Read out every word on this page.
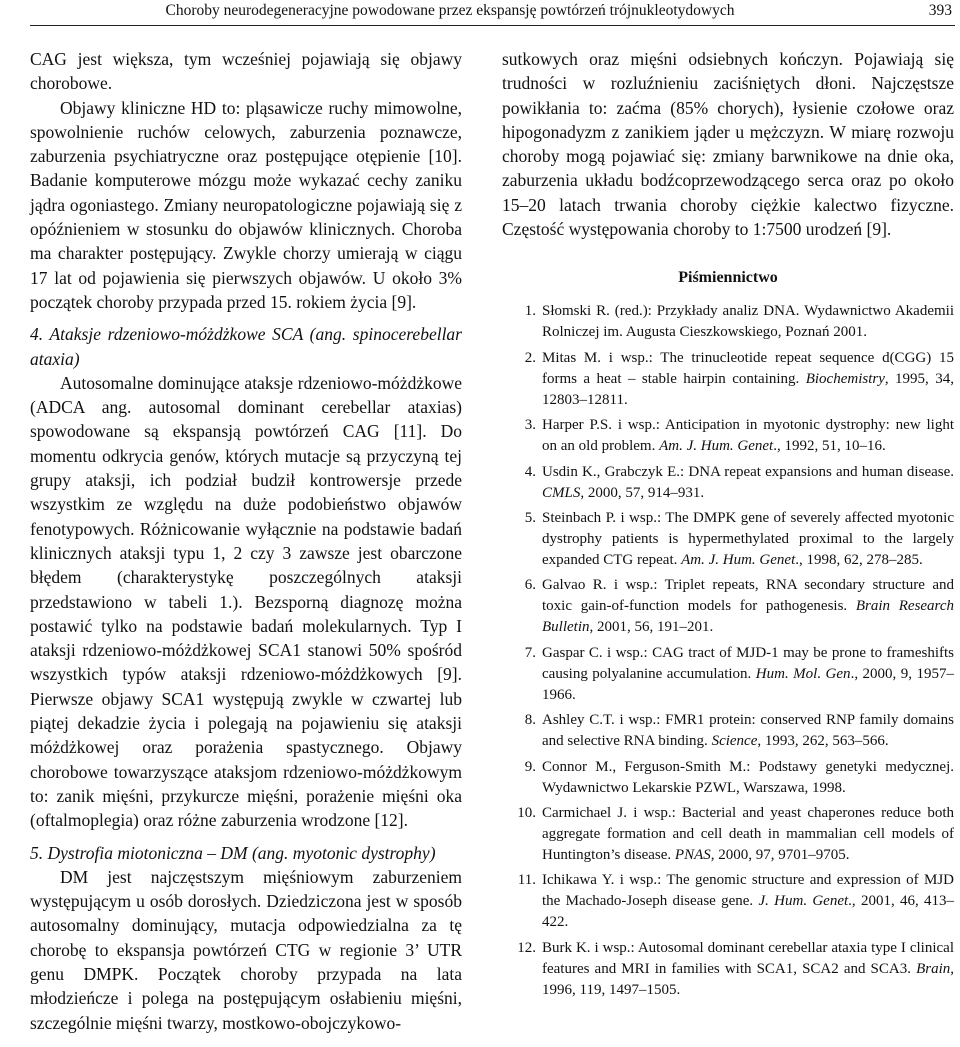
Choroby neurodegeneracyjne powodowane przez ekspansję powtórzeń trójnukleotydowych	393

CAG jest większa, tym wcześniej pojawiają się objawy chorobowe.

Objawy kliniczne HD to: pląsawicze ruchy mimowolne, spowolnienie ruchów celowych, zaburzenia poznawcze, zaburzenia psychiatryczne oraz postępujące otępienie [10]. Badanie komputerowe mózgu może wykazać cechy zaniku jądra ogoniastego. Zmiany neuropatologiczne pojawiają się z opóźnieniem w stosunku do objawów klinicznych. Choroba ma charakter postępujący. Zwykle chorzy umierają w ciągu 17 lat od pojawienia się pierwszych objawów. U około 3% początek choroby przypada przed 15. rokiem życia [9].

4. Ataksje rdzeniowo-móżdżkowe SCA (ang. spinocerebellar ataxia)

Autosomalne dominujące ataksje rdzeniowo-móżdżkowe (ADCA ang. autosomal dominant cerebellar ataxias) spowodowane są ekspansją powtórzeń CAG [11]. Do momentu odkrycia genów, których mutacje są przyczyną tej grupy ataksji, ich podział budził kontrowersje przede wszystkim ze względu na duże podobieństwo objawów fenotypowych. Różnicowanie wyłącznie na podstawie badań klinicznych ataksji typu 1, 2 czy 3 zawsze jest obarczone błędem (charakterystykę poszczególnych ataksji przedstawiono w tabeli 1.). Bezsporną diagnozę można postawić tylko na podstawie badań molekularnych. Typ I ataksji rdzeniowo-móżdżkowej SCA1 stanowi 50% spośród wszystkich typów ataksji rdzeniowo-móżdżkowych [9]. Pierwsze objawy SCA1 występują zwykle w czwartej lub piątej dekadzie życia i polegają na pojawieniu się ataksji móżdżkowej oraz porażenia spastycznego. Objawy chorobowe towarzyszące ataksjom rdzeniowo-móżdżkowym to: zanik mięśni, przykurcze mięśni, porażenie mięśni oka (oftalmoplegia) oraz różne zaburzenia wrodzone [12].

5. Dystrofia miotoniczna – DM (ang. myotonic dystrophy)

DM jest najczęstszym mięśniowym zaburzeniem występującym u osób dorosłych. Dziedziczona jest w sposób autosomalny dominujący, mutacja odpowiedzialna za tę chorobę to ekspansja powtórzeń CTG w regionie 3’ UTR genu DMPK. Początek choroby przypada na lata młodzieńcze i polega na postępującym osłabieniu mięśni, szczególnie mięśni twarzy, mostkowo-obojczykowo-

sutkowych oraz mięśni odsiebnych kończyn. Pojawiają się trudności w rozluźnieniu zaciśniętych dłoni. Najczęstsze powikłania to: zaćma (85% chorych), łysienie czołowe oraz hipogonadyzm z zanikiem jąder u mężczyzn. W miarę rozwoju choroby mogą pojawiać się: zmiany barwnikowe na dnie oka, zaburzenia układu bodźcoprzewodzącego serca oraz po około 15–20 latach trwania choroby ciężkie kalectwo fizyczne. Częstość występowania choroby to 1:7500 urodzeń [9].

Piśmiennictwo
1. Słomski R. (red.): Przykłady analiz DNA. Wydawnictwo Akademii Rolniczej im. Augusta Cieszkowskiego, Poznań 2001.
2. Mitas M. i wsp.: The trinucleotide repeat sequence d(CGG) 15 forms a heat – stable hairpin containing. Biochemistry, 1995, 34, 12803–12811.
3. Harper P.S. i wsp.: Anticipation in myotonic dystrophy: new light on an old problem. Am. J. Hum. Genet., 1992, 51, 10–16.
4. Usdin K., Grabczyk E.: DNA repeat expansions and human disease. CMLS, 2000, 57, 914–931.
5. Steinbach P. i wsp.: The DMPK gene of severely affected myotonic dystrophy patients is hypermethylated proximal to the largely expanded CTG repeat. Am. J. Hum. Genet., 1998, 62, 278–285.
6. Galvao R. i wsp.: Triplet repeats, RNA secondary structure and toxic gain-of-function models for pathogenesis. Brain Research Bulletin, 2001, 56, 191–201.
7. Gaspar C. i wsp.: CAG tract of MJD-1 may be prone to frameshifts causing polyalanine accumulation. Hum. Mol. Gen., 2000, 9, 1957–1966.
8. Ashley C.T. i wsp.: FMR1 protein: conserved RNP family domains and selective RNA binding. Science, 1993, 262, 563–566.
9. Connor M., Ferguson-Smith M.: Podstawy genetyki medycznej. Wydawnictwo Lekarskie PZWL, Warszawa, 1998.
10. Carmichael J. i wsp.: Bacterial and yeast chaperones reduce both aggregate formation and cell death in mammalian cell models of Huntington’s disease. PNAS, 2000, 97, 9701–9705.
11. Ichikawa Y. i wsp.: The genomic structure and expression of MJD the Machado-Joseph disease gene. J. Hum. Genet., 2001, 46, 413–422.
12. Burk K. i wsp.: Autosomal dominant cerebellar ataxia type I clinical features and MRI in families with SCA1, SCA2 and SCA3. Brain, 1996, 119, 1497–1505.
